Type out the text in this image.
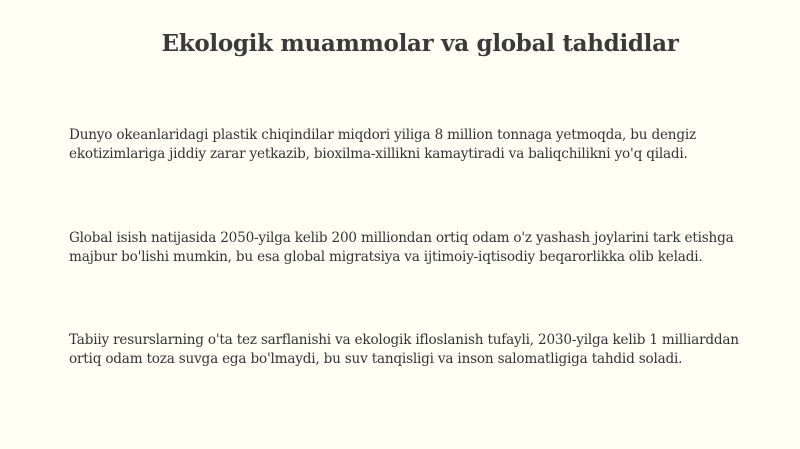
Ekologik muammolar va global tahdidlar

Dunyo okeanlaridagi plastik chiqindilar miqdori yiliga 8 million tonnaga yetmoqda, bu dengiz ekotizimlariga jiddiy zarar yetkazib, bioxilma-xillikni kamaytiradi va baliqchilikni yo'q qiladi.

Global isish natijasida 2050-yilga kelib 200 milliondan ortiq odam o'z yashash joylarini tark etishga majbur bo'lishi mumkin, bu esa global migratsiya va ijtimoiy-iqtisodiy beqarorlikka olib keladi.

Tabiiy resurslarning o'ta tez sarflanishi va ekologik ifloslanish tufayli, 2030-yilga kelib 1 milliarddan ortiq odam toza suvga ega bo'lmaydi, bu suv tanqisligi va inson salomatligiga tahdid soladi.
